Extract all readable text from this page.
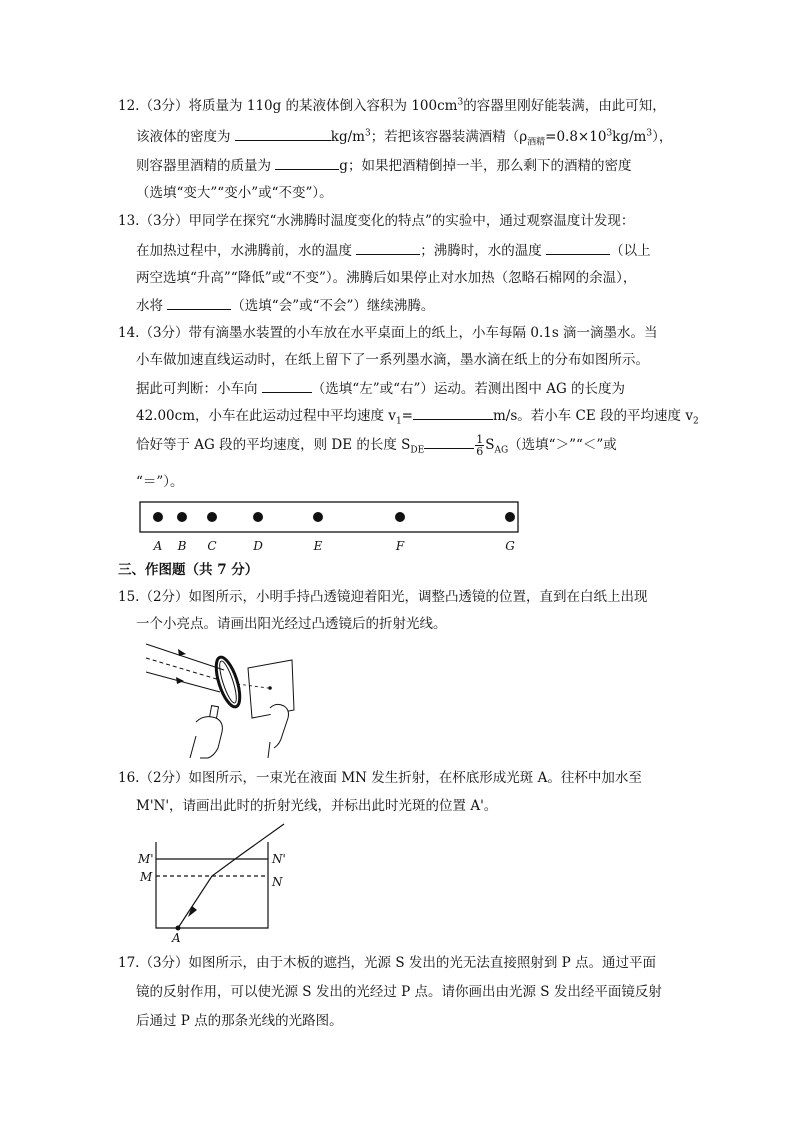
12.（3分）将质量为 110g 的某液体倒入容积为 $100cm^3$的容器里刚好能装满，由此可知，
该液体的密度为	$kg/m^3$；若把该容器装满酒精$(\rho_{酒精}=0.8\times 10^3kg/m^3)$，
则容器里酒精的质量为	g；如果把酒精倒掉一半，那么剩下的酒精的密度
（选填“变大”“变小”或“不变”）。
13.（3分）甲同学在探究“水沸腾时温度变化的特点”的实验中，通过观察温度计发现：
在加热过程中，水沸腾前，水的温度	；沸腾时，水的温度	（以上
两空选填“升高”“降低”或“不变”）。沸腾后如果停止对水加热（忽略石棉网的余温），
水将	（选填“会”或“不会”）继续沸腾。
14.（3分）带有滴墨水装置的小车放在水平桌面上的纸上，小车每隔 0.1s 滴一滴墨水。当
小车做加速直线运动时，在纸上留下了一系列墨水滴，墨水滴在纸上的分布如图所示。
据此可判断：小车向	（选填“左”或“右”）运动。若测出图中 AG 的长度为
42.00cm，小车在此运动过程中平均速度 $v_1=$	m/s。若小车 CE 段的平均速度 $v_2$
恰好等于 AG 段的平均速度，则 DE 的长度 $S_{DE}$	$\frac{1}{6} S_{AG}$（选填“＞”“＜”或
“＝”）。
A B C	D	E	F	G
三、作图题（共 7 分）
15.（2分）如图所示，小明手持凸透镜迎着阳光，调整凸透镜的位置，直到在白纸上出现
一个小亮点。请画出阳光经过凸透镜后的折射光线。
16.（2分）如图所示，一束光在液面 MN 发生折射，在杯底形成光斑 A。往杯中加水至
M'N'，请画出此时的折射光线，并标出此时光斑的位置 A'。
M'	N'
M	N
A
17.（3分）如图所示，由于木板的遮挡，光源 S 发出的光无法直接照射到 P 点。通过平面
镜的反射作用，可以使光源 S 发出的光经过 P 点。请你画出由光源 S 发出经平面镜反射
后通过 P 点的那条光线的光路图。
